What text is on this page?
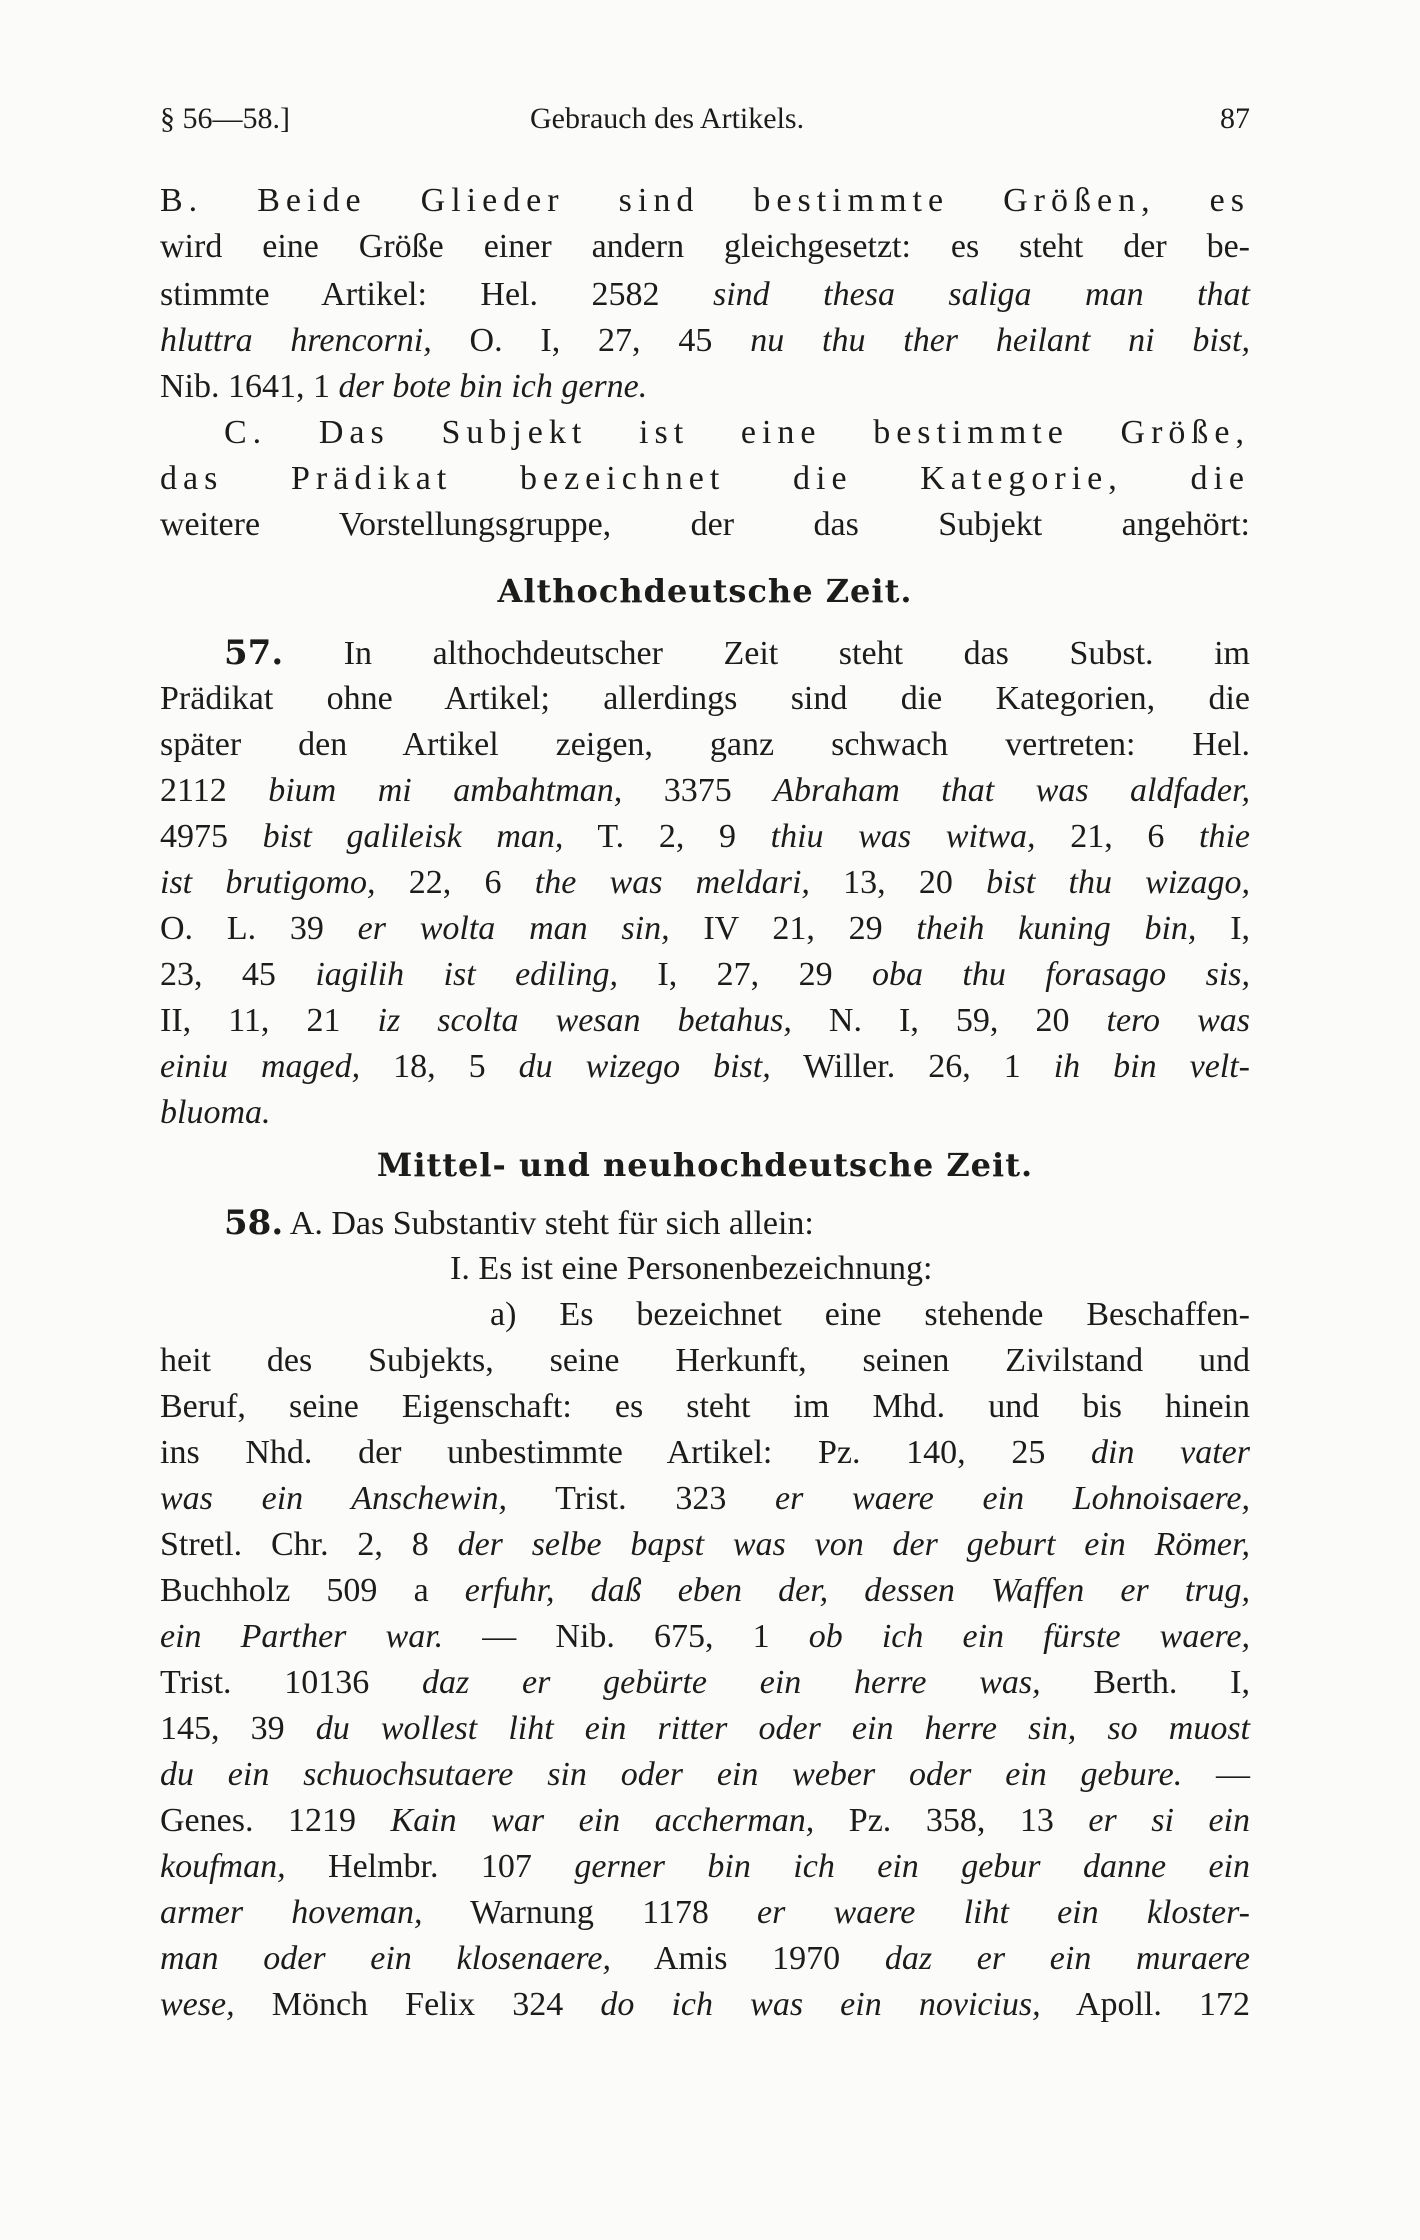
§ 56—58.]	Gebrauch des Artikels.	87
B. Beide Glieder sind bestimmte Größen, es
wird eine Größe einer andern gleichgesetzt: es steht der be-
stimmte Artikel: Hel. 2582 sind thesa saliga man that
hluttra hrencorni, O. I, 27, 45 nu thu ther heilant ni bist,
Nib. 1641, 1 der bote bin ich gerne.
C. Das Subjekt ist eine bestimmte Größe,
das Prädikat bezeichnet die Kategorie, die
weitere Vorstellungsgruppe, der das Subjekt angehört:
Althochdeutsche Zeit.
57. In althochdeutscher Zeit steht das Subst. im
Prädikat ohne Artikel; allerdings sind die Kategorien, die
später den Artikel zeigen, ganz schwach vertreten: Hel.
2112 bium mi ambahtman, 3375 Abraham that was aldfader,
4975 bist galileisk man, T. 2, 9 thiu was witwa, 21, 6 thie
ist brutigomo, 22, 6 the was meldari, 13, 20 bist thu wizago,
O. L. 39 er wolta man sin, IV 21, 29 theih kuning bin, I,
23, 45 iagilih ist ediling, I, 27, 29 oba thu forasago sis,
II, 11, 21 iz scolta wesan betahus, N. I, 59, 20 tero was
einiu maged, 18, 5 du wizego bist, Willer. 26, 1 ih bin velt-
bluoma.
Mittel- und neuhochdeutsche Zeit.
58. A. Das Substantiv steht für sich allein:
I. Es ist eine Personenbezeichnung:
a) Es bezeichnet eine stehende Beschaffen-
heit des Subjekts, seine Herkunft, seinen Zivilstand und
Beruf, seine Eigenschaft: es steht im Mhd. und bis hinein
ins Nhd. der unbestimmte Artikel: Pz. 140, 25 din vater
was ein Anschewin, Trist. 323 er waere ein Lohnoisaere,
Stretl. Chr. 2, 8 der selbe bapst was von der geburt ein Römer,
Buchholz 509 a erfuhr, daß eben der, dessen Waffen er trug,
ein Parther war. — Nib. 675, 1 ob ich ein fürste waere,
Trist. 10136 daz er gebürte ein herre was, Berth. I,
145, 39 du wollest liht ein ritter oder ein herre sin, so muost
du ein schuochsutaere sin oder ein weber oder ein gebure. —
Genes. 1219 Kain war ein accherman, Pz. 358, 13 er si ein
koufman, Helmbr. 107 gerner bin ich ein gebur danne ein
armer hoveman, Warnung 1178 er waere liht ein kloster-
man oder ein klosenaere, Amis 1970 daz er ein muraere
wese, Mönch Felix 324 do ich was ein novicius, Apoll. 172
